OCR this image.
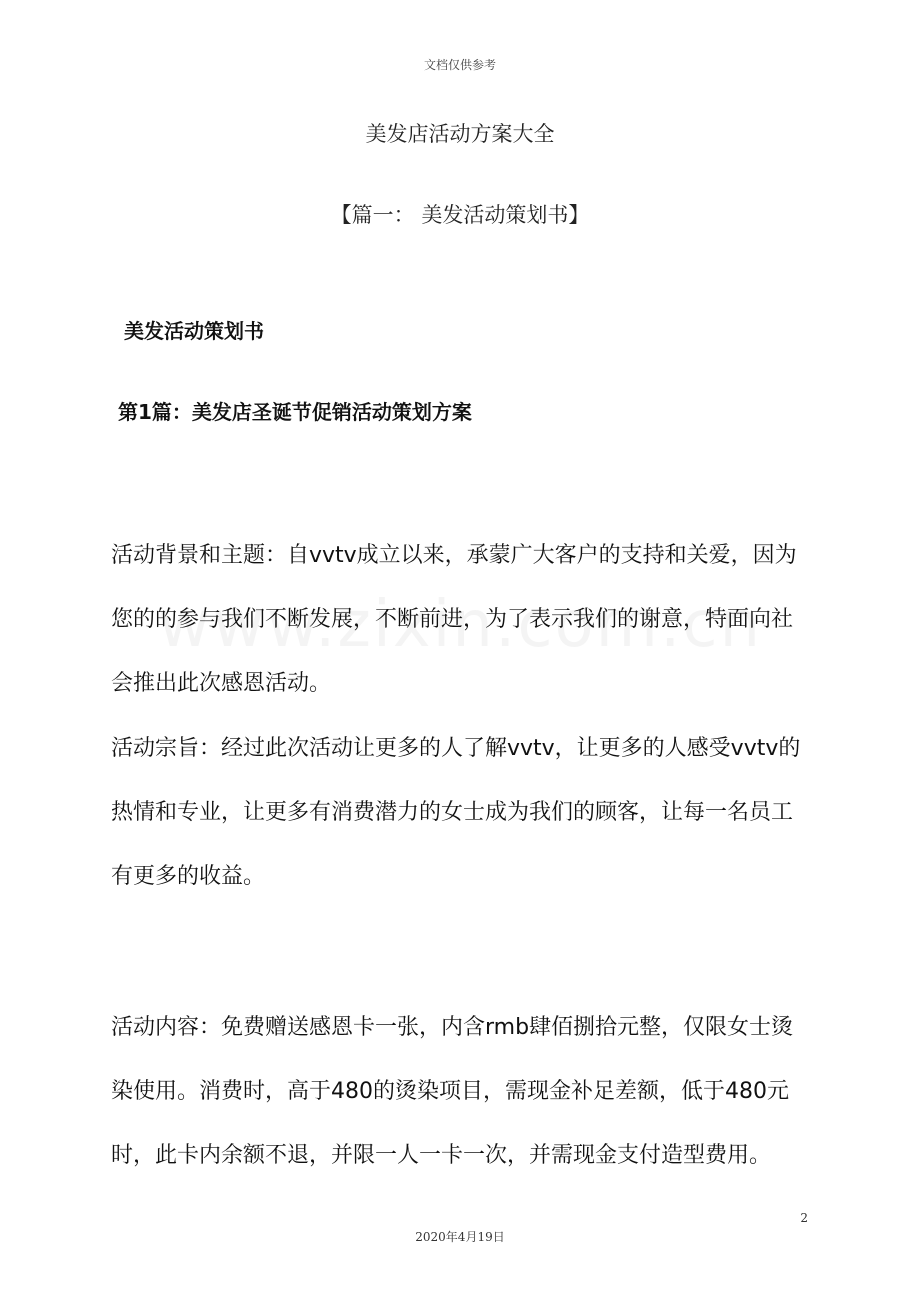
文档仅供参考
美发店活动方案大全
【篇一： 美发活动策划书】
美发活动策划书
第1篇：美发店圣诞节促销活动策划方案

活动背景和主题：自vvtv成立以来，承蒙广大客户的支持和关爱，因为您的的参与我们不断发展，不断前进，为了表示我们的谢意，特面向社会推出此次感恩活动。

活动宗旨：经过此次活动让更多的人了解vvtv，让更多的人感受vvtv的热情和专业，让更多有消费潜力的女士成为我们的顾客，让每一名员工有更多的收益。

活动内容：免费赠送感恩卡一张，内含rmb肆佰捌拾元整，仅限女士烫染使用。消费时，高于480的烫染项目，需现金补足差额，低于480元时，此卡内余额不退，并限一人一卡一次，并需现金支付造型费用。

2
2020年4月19日
